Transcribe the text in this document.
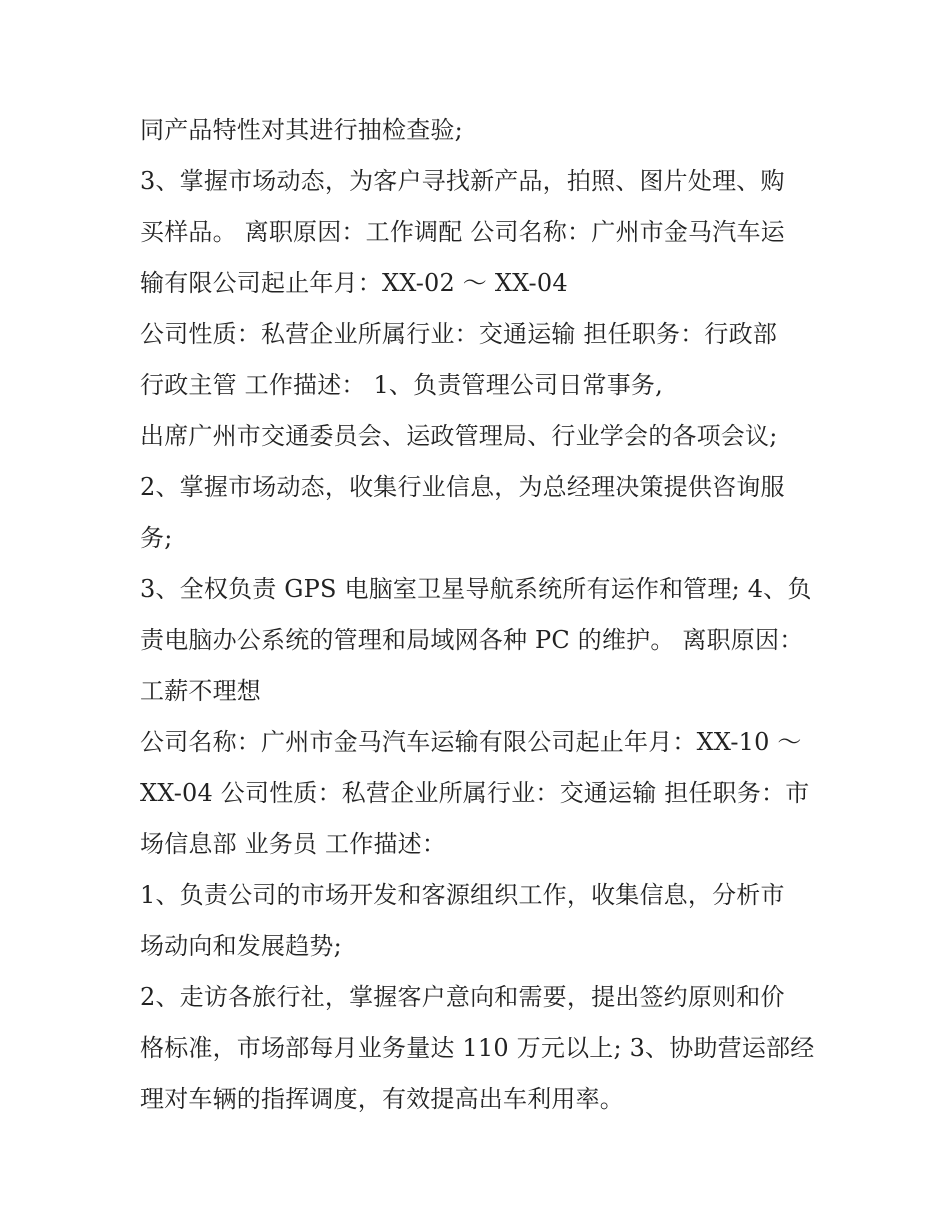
同产品特性对其进行抽检查验;
3、掌握市场动态，为客户寻找新产品，拍照、图片处理、购
买样品。 离职原因：工作调配 公司名称：广州市金马汽车运
输有限公司起止年月：XX-02 ～ XX-04
公司性质：私营企业所属行业：交通运输 担任职务：行政部
行政主管 工作描述： 1、负责管理公司日常事务,
出席广州市交通委员会、运政管理局、行业学会的各项会议;
2、掌握市场动态，收集行业信息，为总经理决策提供咨询服
务;
3、全权负责 GPS 电脑室卫星导航系统所有运作和管理; 4、负
责电脑办公系统的管理和局域网各种 PC 的维护。 离职原因：
工薪不理想
公司名称：广州市金马汽车运输有限公司起止年月：XX-10 ～
XX-04 公司性质：私营企业所属行业：交通运输 担任职务：市
场信息部 业务员 工作描述：
1、负责公司的市场开发和客源组织工作，收集信息，分析市
场动向和发展趋势;
2、走访各旅行社，掌握客户意向和需要，提出签约原则和价
格标准，市场部每月业务量达 110 万元以上; 3、协助营运部经
理对车辆的指挥调度，有效提高出车利用率。
